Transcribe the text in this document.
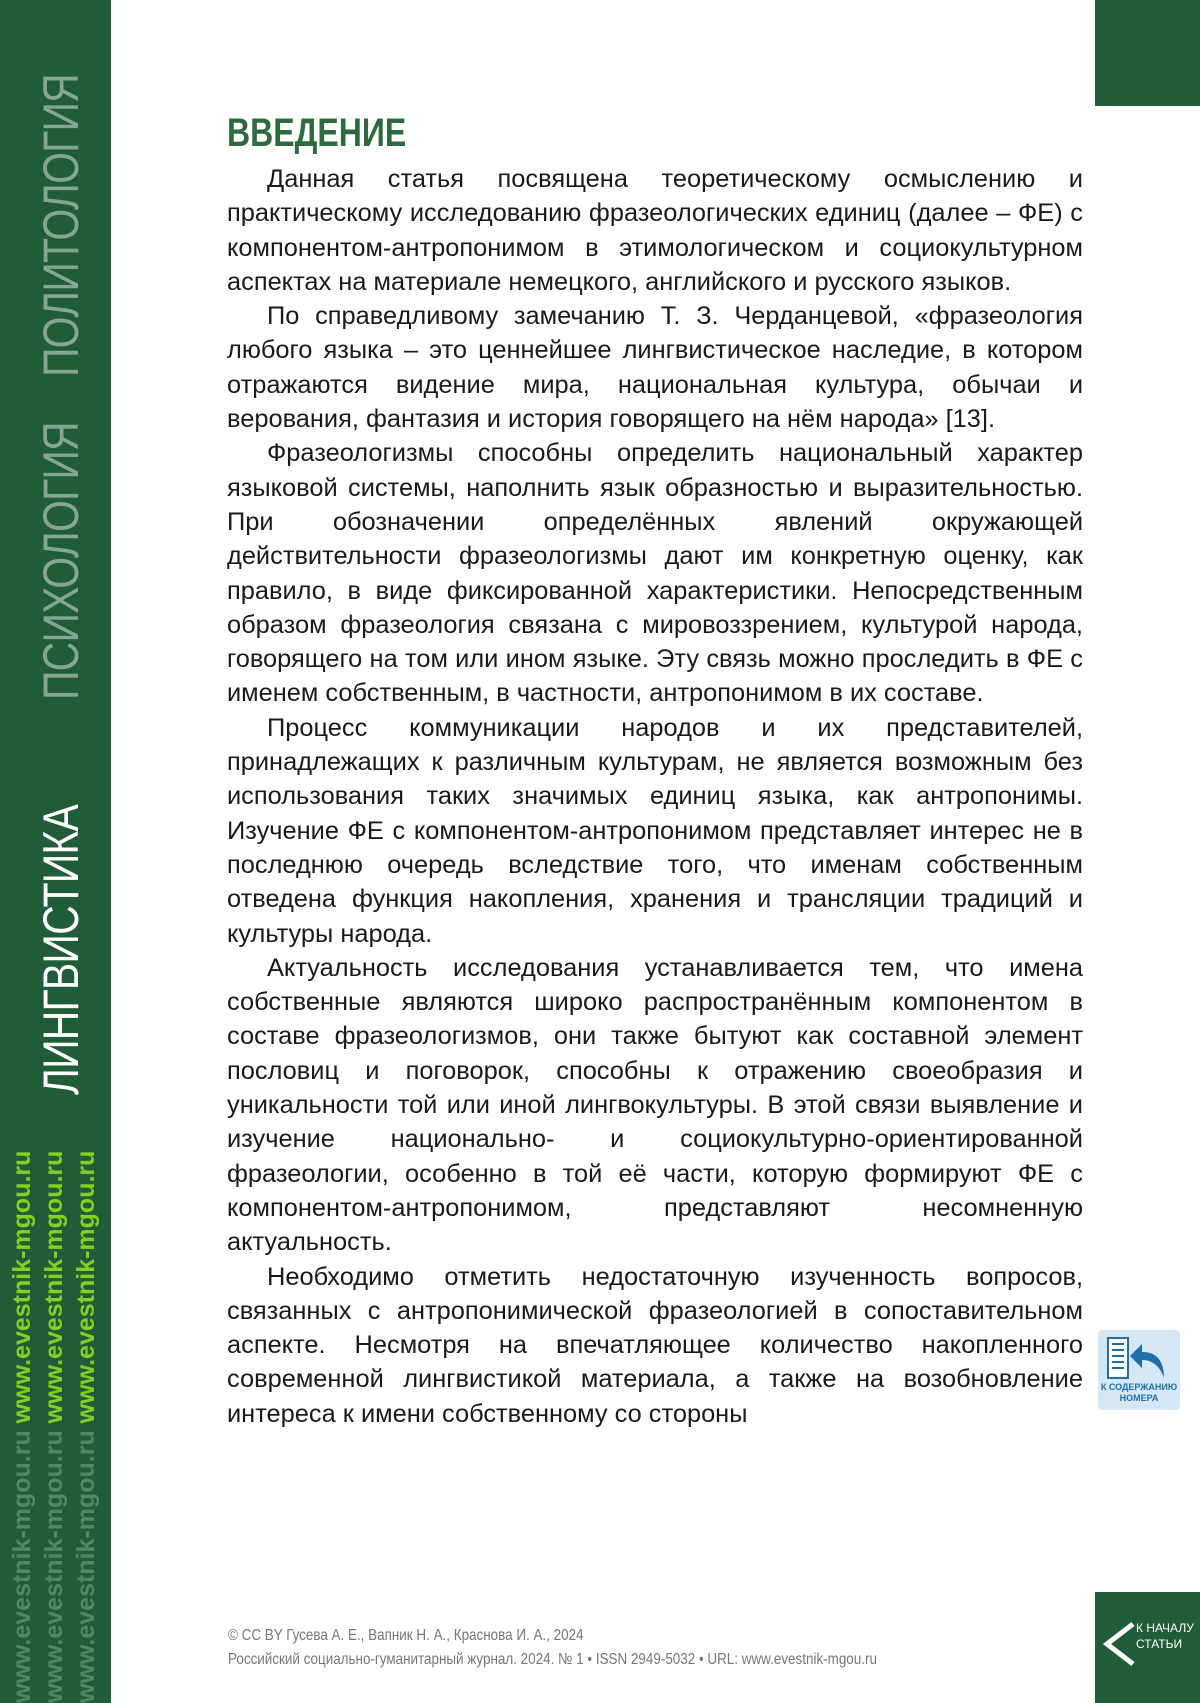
ЛИНГВИСТИКА
ПСИХОЛОГИЯ
ПОЛИТОЛОГИЯ
www.evestnik-mgou.ru www.evestnik-mgou.ru
www.evestnik-mgou.ru www.evestnik-mgou.ru
www.evestnik-mgou.ru www.evestnik-mgou.ru
ВВЕДЕНИЕ

Данная статья посвящена теоретическому осмыслению и практическому исследованию фразеологических единиц (далее – ФЕ) с компонентом-антропонимом в этимологическом и социокультурном аспектах на материале немецкого, английского и русского языков.

По справедливому замечанию Т. З. Черданцевой, «фразеология любого языка – это ценнейшее лингвистическое наследие, в котором отражаются видение мира, национальная культура, обычаи и верования, фантазия и история говорящего на нём народа» [13].

Фразеологизмы способны определить национальный характер языковой системы, наполнить язык образностью и выразительностью. При обозначении определённых явлений окружающей действительности фразеологизмы дают им конкретную оценку, как правило, в виде фиксированной характеристики. Непосредственным образом фразеология связана с мировоззрением, культурой народа, говорящего на том или ином языке. Эту связь можно проследить в ФЕ с именем собственным, в частности, антропонимом в их составе.

Процесс коммуникации народов и их представителей, принадлежащих к различным культурам, не является возможным без использования таких значимых единиц языка, как антропонимы. Изучение ФЕ с компонентом-антропонимом представляет интерес не в последнюю очередь вследствие того, что именам собственным отведена функция накопления, хранения и трансляции традиций и культуры народа.

Актуальность исследования устанавливается тем, что имена собственные являются широко распространённым компонентом в составе фразеологизмов, они также бытуют как составной элемент пословиц и поговорок, способны к отражению своеобразия и уникальности той или иной лингвокультуры. В этой связи выявление и изучение национально- и социокультурно-ориентированной фразеологии, особенно в той её части, которую формируют ФЕ с компонентом-антропонимом, представляют несомненную актуальность.

Необходимо отметить недостаточную изученность вопросов, связанных с антропонимической фразеологией в сопоставительном аспекте. Несмотря на впечатляющее количество накопленного современной лингвистикой материала, а также на возобновление интереса к имени собственному со стороны

К СОДЕРЖАНИЮ НОМЕРА
© CC BY Гусева А. Е., Вапник Н. А., Краснова И. А., 2024
Российский социально-гуманитарный журнал. 2024. № 1 • ISSN 2949-5032 • URL: www.evestnik-mgou.ru
К НАЧАЛУ СТАТЬИ
